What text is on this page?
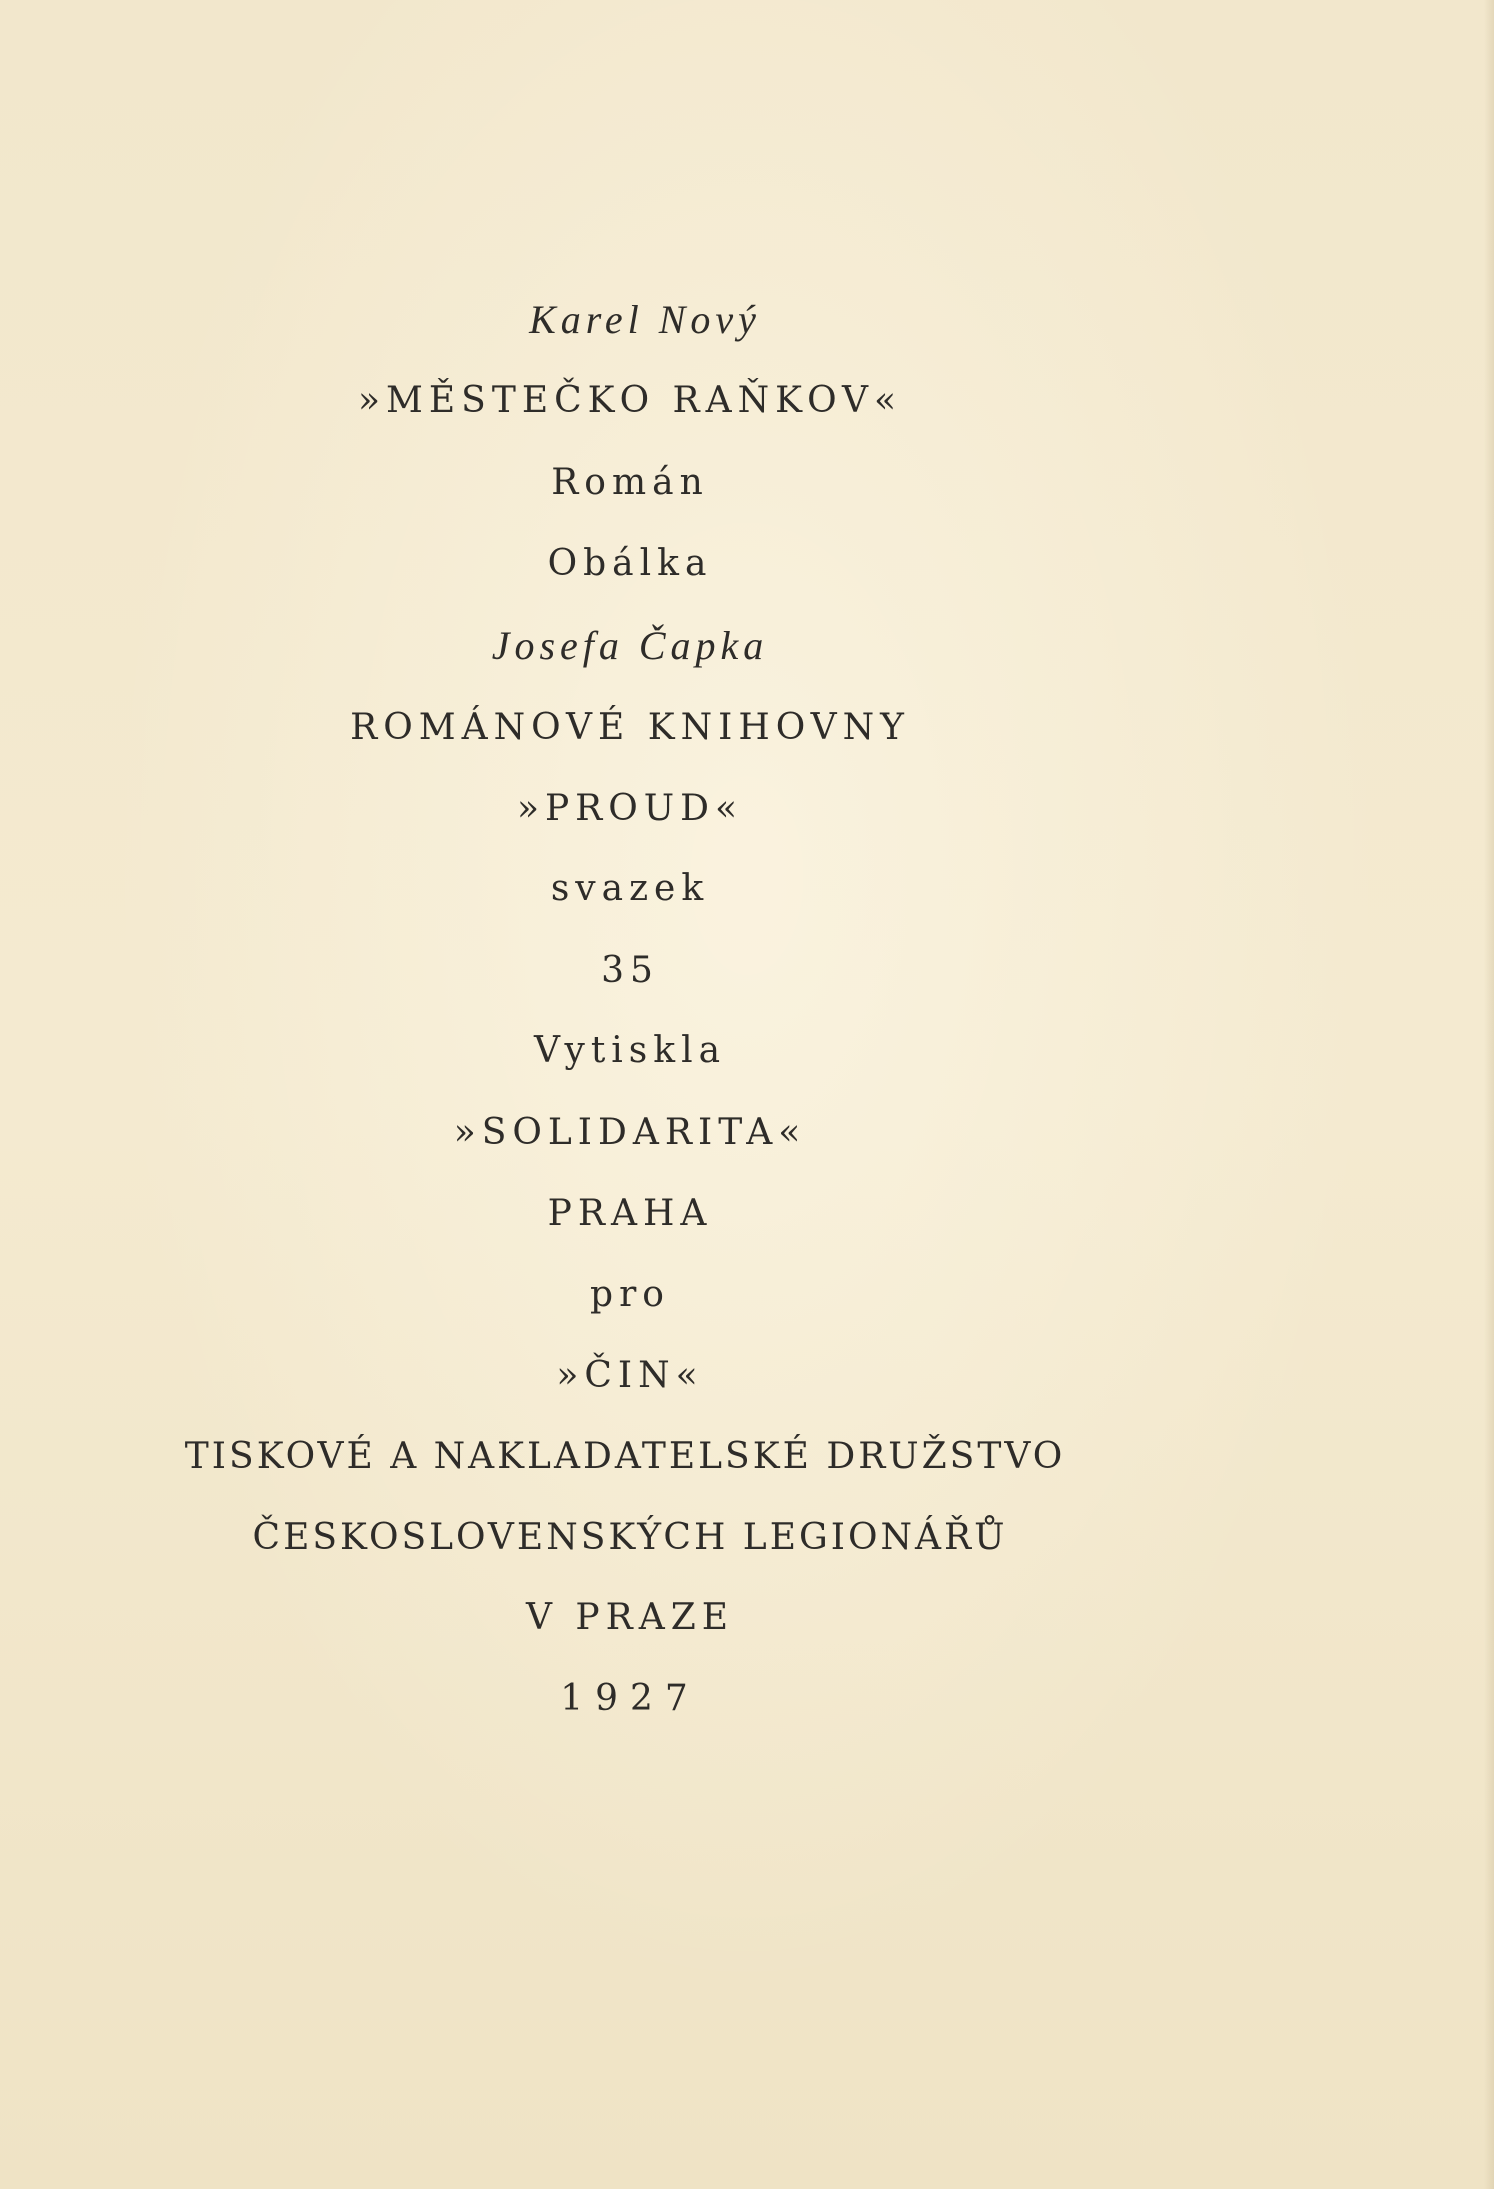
Karel Nový
»MĚSTEČKO RAŇKOV«
Román
Obálka
Josefa Čapka
ROMÁNOVÉ KNIHOVNY
»PROUD«
svazek
35
Vytiskla
»SOLIDARITA«
PRAHA
pro
»ČIN«
TISKOVÉ A NAKLADATELSKÉ DRUŽSTVO
ČESKOSLOVENSKÝCH LEGIONÁŘŮ
V PRAZE
1927
